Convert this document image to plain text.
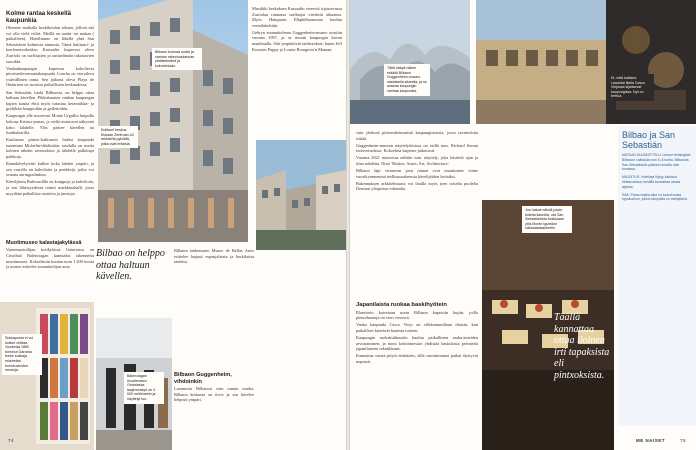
Kolme rantaa keskellä kaupunkia

Olemme matkalla keskikoulun aikana, jolloin sää voi olla vielä viileä. Meillä on taattu- ne makaa ( paikalleen). Hotellimme on lähellä yhtä San Sebastiánin kolmesta rannasta. Tämä kulttuuri- ja konferenssikeskus Kursaalin kupeessa oleva Zurriola on surffaajien ja rantaelämää rakastavien suosikki.

Vanhankaupungin kupeessa kohoilevia pitoristeilevanrantakaupunki Concha on vieraileva ystävällinen ranta. Sen jatkona oleva Playa de Ondarreta on suosittu paikallisten keskuudessa.

San Sebastián, baski Bilbaosta, on helppo ottaa haltuun kävellen. Pikkubaarien vanhan kaupungin kujien kautta ehtii myös tutustua keramiikka- ja grafiikka-kauppoihin ja gallerioihin.

Kaupungin ylle nousevan Monte Urgullin huipulla kohoaa Kristus-patsas, ja sieltä avautuvat näkymät koko lahdelle. Ylös pääsee kävellen tai funikulaarilla.

Kuuluisan pintxo-kulttuurin lisäksi kaupunki tunnetaan Michelin-tähdistään: seudulla on useita kolmen tähden ravintoloita ja tähdellä palkittuja paikkoja.

Rantakävelyreitti kulkee koko lahden ympäri, ja sen varrella on kahviloita ja penkkejä, joilta voi seurata auringonlaskua.

Kävelykatu Bulevardilla on kauppoja ja kahviloita, ja sen läheisyydessä toimii markkinahalli, jossa myydään paikallisia tuotteita ja juustoja.

Muotimuseo kalastajakylässä

Vaatemuotoilijan kotikylässä Getariassa on Cristóbal Balenciagan kunniaksi rakennettu muotimuseo. Kokoelmiin kuuluu noin 1 200 teosta ja museo esittelee suunnittelijan uraa.

Bilbaon kurmaa uudet ja vanhan rakennuskannan yhdistelmänä ja kokoelmiaan.
Kulttuuri keskus Kukaan Zentroan 43 arkkitehti-pylväitä, jotka ovat erilaisia.

Musiikki keskuksen Kursaalin vieressä sijaitsevassa Zurriolan rannassa surffaajat viettävät aikaansa. Myös Hampurin Elbphilharmonia kuuluu vertailukohtiin.

Gehryn suunnittelema Guggenheim-museo avattiin vuonna 1997, ja se muutti kaupungin kuvan maailmalla. Sitä ympäröivät taideteokset, kuten Jeff Koonsin Puppy ja Louise Bourgeois'n Maman.

Bilbaon taidemuseo Museo de Bellas Artes esittelee laajasti espanjalaista ja baskilaista taidetta.

Bilbaon Guggenheim, vihdoinkin

Luonnosta Bilbaoon vain tunnin matka. Bilbaon keskusta on tiivis ja sen kävelee helposti ympäri.

Bilbao on helppo ottaa haltuun kävellen.
Sukkapusta ei voi kulkee ohittaa. Vuodesta 1860 toiminut Garraria tekee sukkaja eriaineiksi kohokuvioiden muotoja.
Balenciagan muotimuseo Getariassa laajennustyö on 4 000 neliömetrin ja näyttelyt luo.
74
Tällä näkyä näkee eräällä Bilbaon Guggenheim-museo-vastaisella alueella, ja se aukeaa kaupungin vanhaa kaupunkia.
Et, mitä kaikkea Lauantai illalla Casco Viejossa sijaitsevat kaupungissa. Nyt on terttua.

vain yhdessä pittoreskeimmistä kaupunginosista, jossa ravintoloita riittää.

Guggenheim-museon näyttelytiloissa on esillä mm. Richard Serran teräsveistoksia. Kokoelma laajenee jatkuvasti.

Vuonna 2021 museossa nähtiin mm. näyttely, joka käsitteli ajan ja tilan suhdetta. Nimi 'Motion. Autos, Art, Architecture'.

Bilbaon läpi virtaavan joen rannat ovat muuttuneet viime vuosikymmeninä teollisuusalueesta kävelijöiden keitaiksi.

Rakennuksen arkkitehtuuria voi ihailla myös joen toiselta puolelta Deuston yliopiston edustalta.

Japanilaista ruokaa baskihyötein

Illanvietto kaivetaan usein Bilbaon kapeisiin kujiin, joilla pintxobaareja on vieri vieressä.

Vanha kaupunki Casco Viejo on vilkkaimmillaan iltaisin, kun paikalliset kiertävät baarista toiseen.

Kaupungin ruokakulttuuriin kuuluu paikallisten raaka-aineiden arvostaminen, ja moni keittiömestari yhdistää baskilaisia perinteitä japanilaiseen tekniikkaan.

Kannattaa varata pöytä etukäteen, sillä suosituimmat paikat täyttyvät nopeasti.

Jos haluat nähdä jotain todella kauniita, ota San Sebastiánista funikulaari ylös Monte Igueldon näköalatasanteelle.
Täällä kannattaa ottaa iloinen irti tapaksista eli pintxoksista.
Bilbao ja San Sebastián
MATKAN SUUNNITTELU: Lennot Helsingistä Bilbaoon vaihdolla noin 5–6 tuntia. Bilbaosta San Sebastiániin pääsee bussilla noin tunnissa.
MAJOITUS: Hotelleja löytyy kaikissa hintaluokissa; kesällä kannattaa varata ajoissa.
SÄÄ: Paras matka-aika on toukokuusta syyskuuhun, jolloin lämpötila on miellyttävä.
ME NAISET	75
